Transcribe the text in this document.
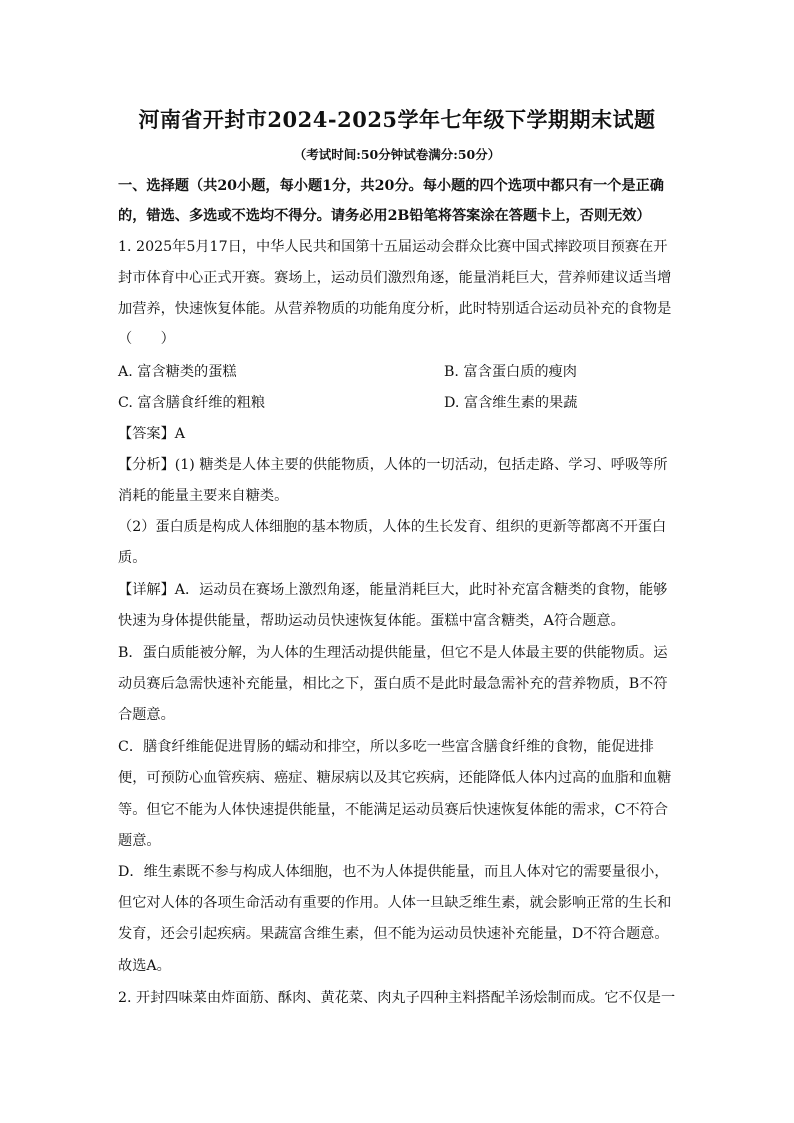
河南省开封市2024-2025学年七年级下学期期末试题
（考试时间:50分钟试卷满分:50分）
一、选择题（共20小题，每小题1分，共20分。每小题的四个选项中都只有一个是正确
的，错选、多选或不选均不得分。请务必用2B铅笔将答案涂在答题卡上，否则无效）
1. 2025年5月17日，中华人民共和国第十五届运动会群众比赛中国式摔跤项目预赛在开
封市体育中心正式开赛。赛场上，运动员们激烈角逐，能量消耗巨大，营养师建议适当增
加营养，快速恢复体能。从营养物质的功能角度分析，此时特别适合运动员补充的食物是
（　　）
A. 富含糖类的蛋糕	B. 富含蛋白质的瘦肉
C. 富含膳食纤维的粗粮	D. 富含维生素的果蔬
【答案】A
【分析】(1) 糖类是人体主要的供能物质，人体的一切活动，包括走路、学习、呼吸等所
消耗的能量主要来自糖类。
（2）蛋白质是构成人体细胞的基本物质，人体的生长发育、组织的更新等都离不开蛋白
质。
【详解】A．运动员在赛场上激烈角逐，能量消耗巨大，此时补充富含糖类的食物，能够
快速为身体提供能量，帮助运动员快速恢复体能。蛋糕中富含糖类，A符合题意。
B．蛋白质能被分解，为人体的生理活动提供能量，但它不是人体最主要的供能物质。运
动员赛后急需快速补充能量，相比之下，蛋白质不是此时最急需补充的营养物质，B不符
合题意。
C．膳食纤维能促进胃肠的蠕动和排空，所以多吃一些富含膳食纤维的食物，能促进排
便，可预防心血管疾病、癌症、糖尿病以及其它疾病，还能降低人体内过高的血脂和血糖
等。但它不能为人体快速提供能量，不能满足运动员赛后快速恢复体能的需求，C不符合
题意。
D．维生素既不参与构成人体细胞，也不为人体提供能量，而且人体对它的需要量很小，
但它对人体的各项生命活动有重要的作用。人体一旦缺乏维生素，就会影响正常的生长和
发育，还会引起疾病。果蔬富含维生素，但不能为运动员快速补充能量，D不符合题意。
故选A。
2. 开封四味菜由炸面筋、酥肉、黄花菜、肉丸子四种主料搭配羊汤烩制而成。它不仅是一
